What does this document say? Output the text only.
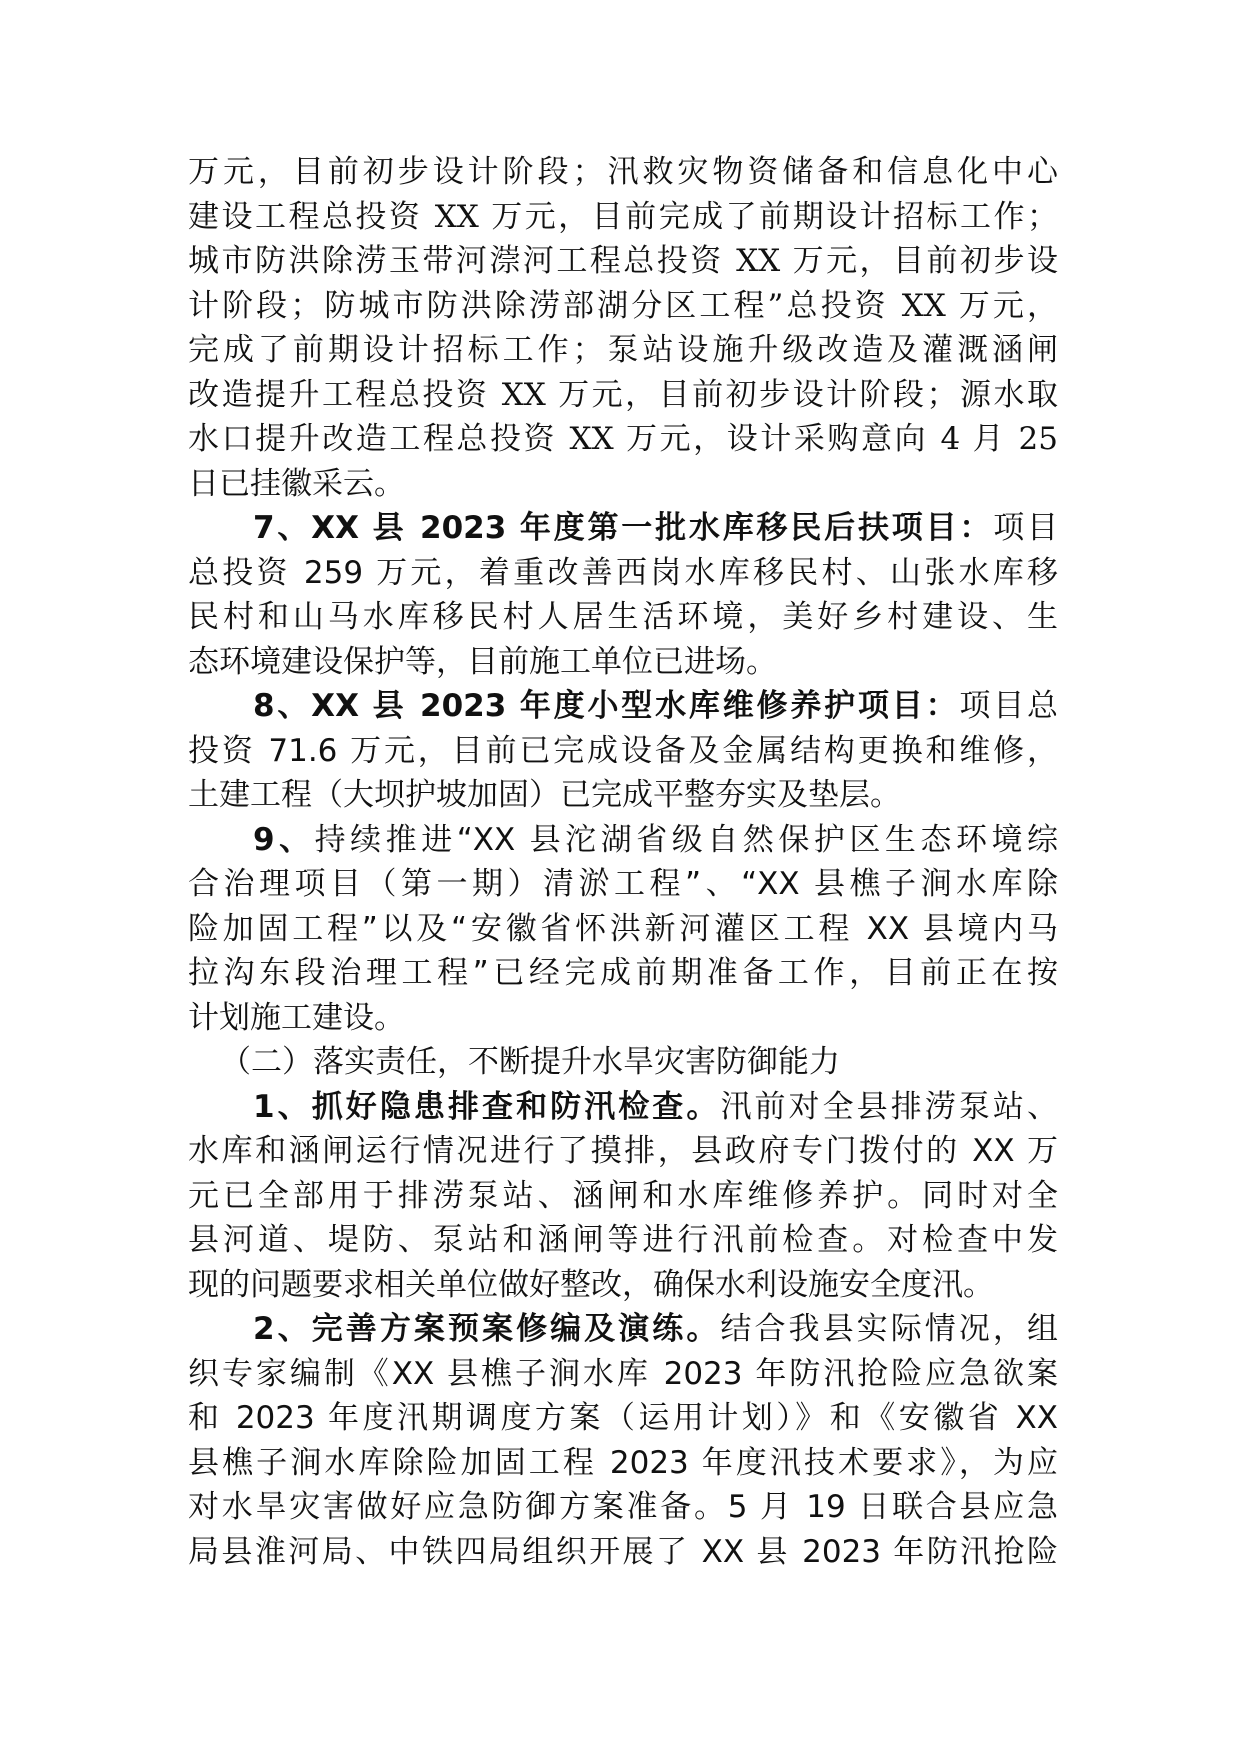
万元，目前初步设计阶段；汛救灾物资储备和信息化中心
建设工程总投资 XX 万元，目前完成了前期设计招标工作；
城市防洪除涝玉带河漴河工程总投资 XX 万元，目前初步设
计阶段；防城市防洪除涝部湖分区工程”总投资 XX 万元，
完成了前期设计招标工作；泵站设施升级改造及灌溉涵闸
改造提升工程总投资 XX 万元，目前初步设计阶段；源水取
水口提升改造工程总投资 XX 万元，设计采购意向 4 月 25
日已挂徽采云。
7、XX 县 2023 年度第一批水库移民后扶项目：项目
总投资 259 万元，着重改善西岗水库移民村、山张水库移
民村和山马水库移民村人居生活环境，美好乡村建设、生
态环境建设保护等，目前施工单位已进场。
8、XX 县 2023 年度小型水库维修养护项目：项目总
投资 71.6 万元，目前已完成设备及金属结构更换和维修，
土建工程（大坝护坡加固）已完成平整夯实及垫层。
9、持续推进“XX 县沱湖省级自然保护区生态环境综
合治理项目（第一期）清淤工程”、“XX 县樵子涧水库除
险加固工程”以及“安徽省怀洪新河灌区工程 XX 县境内马
拉沟东段治理工程”已经完成前期准备工作，目前正在按
计划施工建设。
（二）落实责任，不断提升水旱灾害防御能力
1、抓好隐患排查和防汛检查。汛前对全县排涝泵站、
水库和涵闸运行情况进行了摸排，县政府专门拨付的 XX 万
元已全部用于排涝泵站、涵闸和水库维修养护。同时对全
县河道、堤防、泵站和涵闸等进行汛前检查。对检查中发
现的问题要求相关单位做好整改，确保水利设施安全度汛。
2、完善方案预案修编及演练。结合我县实际情况，组
织专家编制《XX 县樵子涧水库 2023 年防汛抢险应急欲案
和 2023 年度汛期调度方案（运用计划）》和《安徽省 XX
县樵子涧水库除险加固工程 2023 年度汛技术要求》，为应
对水旱灾害做好应急防御方案准备。5 月 19 日联合县应急
局县淮河局、中铁四局组织开展了 XX 县 2023 年防汛抢险
